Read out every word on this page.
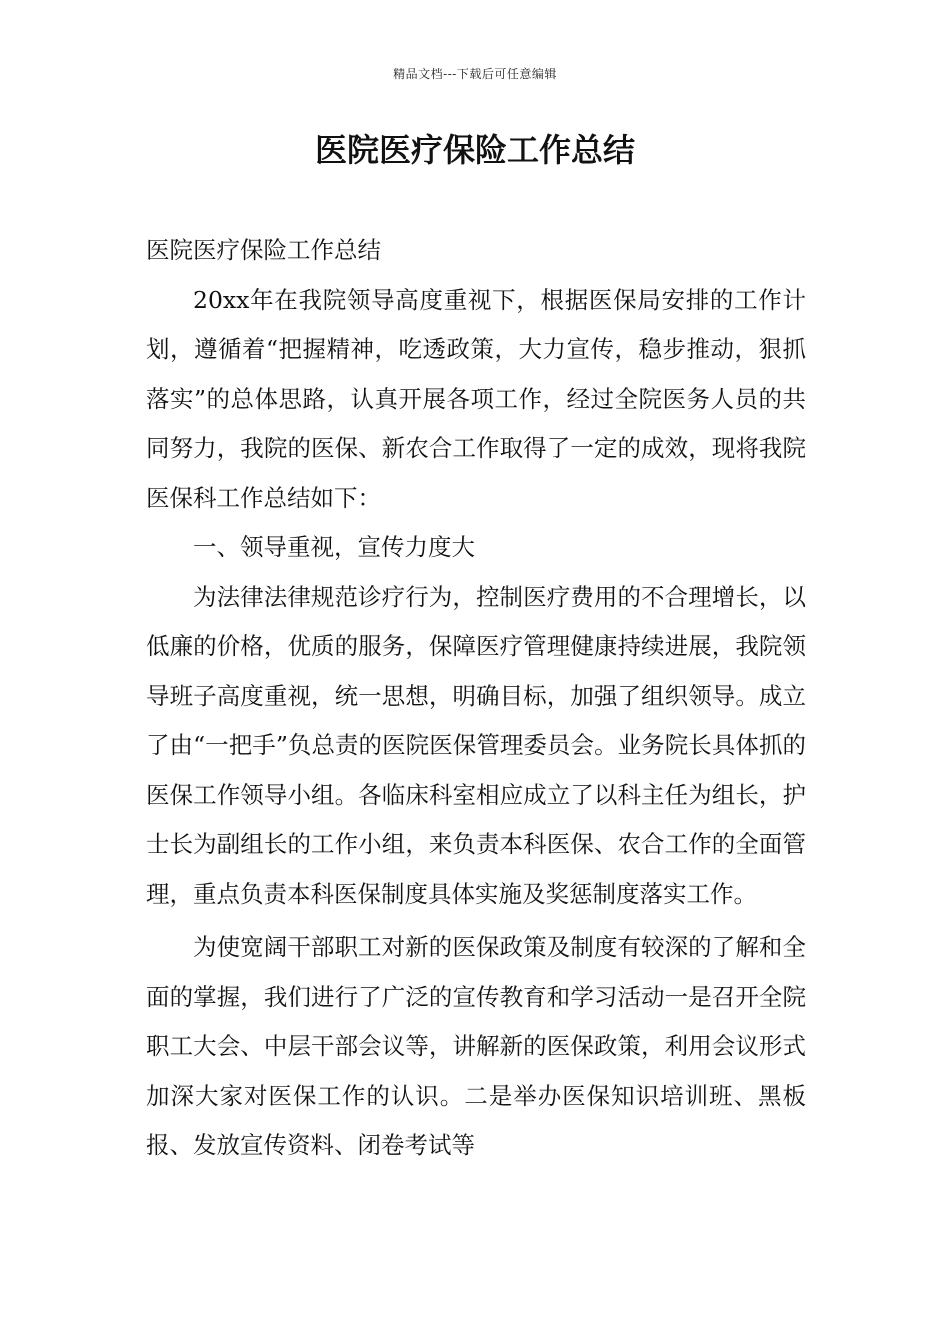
精品文档---下载后可任意编辑
医院医疗保险工作总结

医院医疗保险工作总结

20xx年在我院领导高度重视下，根据医保局安排的工作计划，遵循着“把握精神，吃透政策，大力宣传，稳步推动，狠抓落实”的总体思路，认真开展各项工作，经过全院医务人员的共同努力，我院的医保、新农合工作取得了一定的成效，现将我院医保科工作总结如下：

一、领导重视，宣传力度大

为法律法律规范诊疗行为，控制医疗费用的不合理增长，以低廉的价格，优质的服务，保障医疗管理健康持续进展，我院领导班子高度重视，统一思想，明确目标，加强了组织领导。成立了由“一把手”负总责的医院医保管理委员会。业务院长具体抓的医保工作领导小组。各临床科室相应成立了以科主任为组长，护士长为副组长的工作小组，来负责本科医保、农合工作的全面管理，重点负责本科医保制度具体实施及奖惩制度落实工作。

为使宽阔干部职工对新的医保政策及制度有较深的了解和全面的掌握，我们进行了广泛的宣传教育和学习活动一是召开全院职工大会、中层干部会议等，讲解新的医保政策，利用会议形式加深大家对医保工作的认识。二是举办医保知识培训班、黑板报、发放宣传资料、闭卷考试等
